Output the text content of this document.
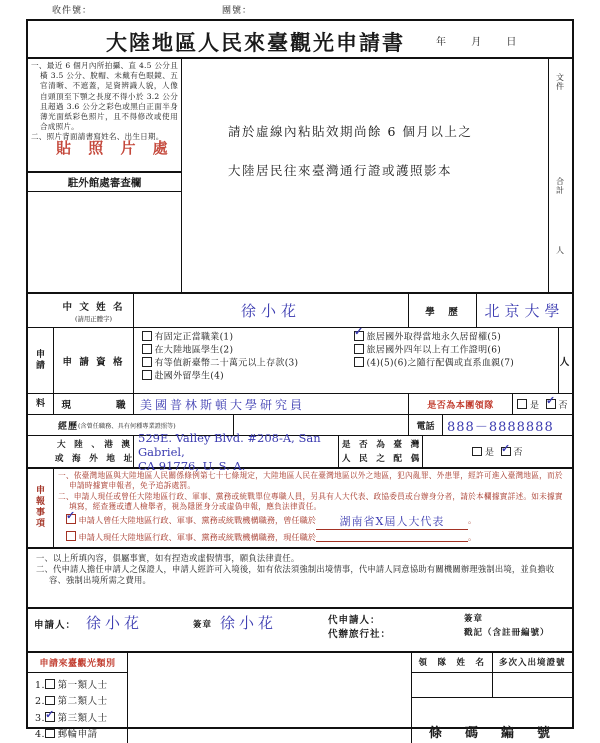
收件號：	團號：
大陸地區人民來臺觀光申請書	年 月 日
一、最近 6 個月內所拍攝、直 4.5 公分且橫 3.5 公分、脫帽、未戴有色眼鏡、五官清晰、不遮蓋，足資辨識人貌，人像自頭頂至下顎之長度不得小於 3.2 公分且超過 3.6 公分之彩色或黑白正面半身薄光面紙彩色照片，且不得修改或使用合成照片。
二、照片背面請書寫姓名、出生日期。
貼 照 片 處
駐外館處審查欄
請於虛線內粘貼效期尚餘 6 個月以上之
大陸居民往來臺灣通行證或護照影本
文
件
合
計
人
中 文 姓 名
(請用正體字)	徐小花	學　歷	北京大學
申
請	申 請 資 格
有固定正當職業(1)
在大陸地區學生(2)
有等值新臺幣二十萬元以上存款(3)
赴國外留學生(4)
✓旅居國外取得當地永久居留權(5)
旅居國外四年以上有工作證明(6)
(4)(5)(6)之隨行配偶或直系血親(7)	人
料 現	職 美國普林斯頓大學研究員	是否為本團領隊	是
✓ 否
經歷 (含曾任職務、具有何種專業證照等)	電話 888－8888888
大　陸　、　港　澳
或　海　外　地　址
529E. Valley Blvd. #208-A, San Gabriel,
CA 91776, U. S. A.
是　否　為　臺　灣
人　民　之　配　偶
是 ✓ 否
申
報
事
項
一、依臺灣地區與大陸地區人民關係條例第七十七條規定，大陸地區人民在臺灣地區以外之地區，犯內亂罪、外患罪，經許可進入臺灣地區，而於申請時據實申報者，免予追訴處罰。
二、申請人現任或曾任大陸地區行政、軍事、黨務或統戰單位專職人員，另具有人大代表、政協委員或台辦身分者，請於本欄據實詳述。如未據實填寫，經查獲或遭人檢舉者，視為隱匿身分或虛偽申報，應負法律責任。
✓申請人曾任大陸地區行政、軍事、黨務或統戰機構職務，曾任職於 湖南省X屆人大代表	。
申請人現任大陸地區行政、軍事、黨務或統戰機構職務，現任職於	。
一、以上所填內容，俱屬事實，如有捏造或虛假情事，願負法律責任。
二、代申請人擔任申請人之保證人，申請人經許可入境後，如有依法須強制出境情事，代申請人同意協助有關機關辦理強制出境，並負擔收容、強制出境所需之費用。
申請人： 徐小花	簽章 徐小花	代申請人：
代辦旅行社：
簽章
戳記（含註冊編號）
申請來臺觀光類別
1. 第一類人士
2. 第二類人士
3. ✓ 第三類人士
4. 郵輪申請
領　隊　姓　名	多次入出境證號
條　碼　編　號
